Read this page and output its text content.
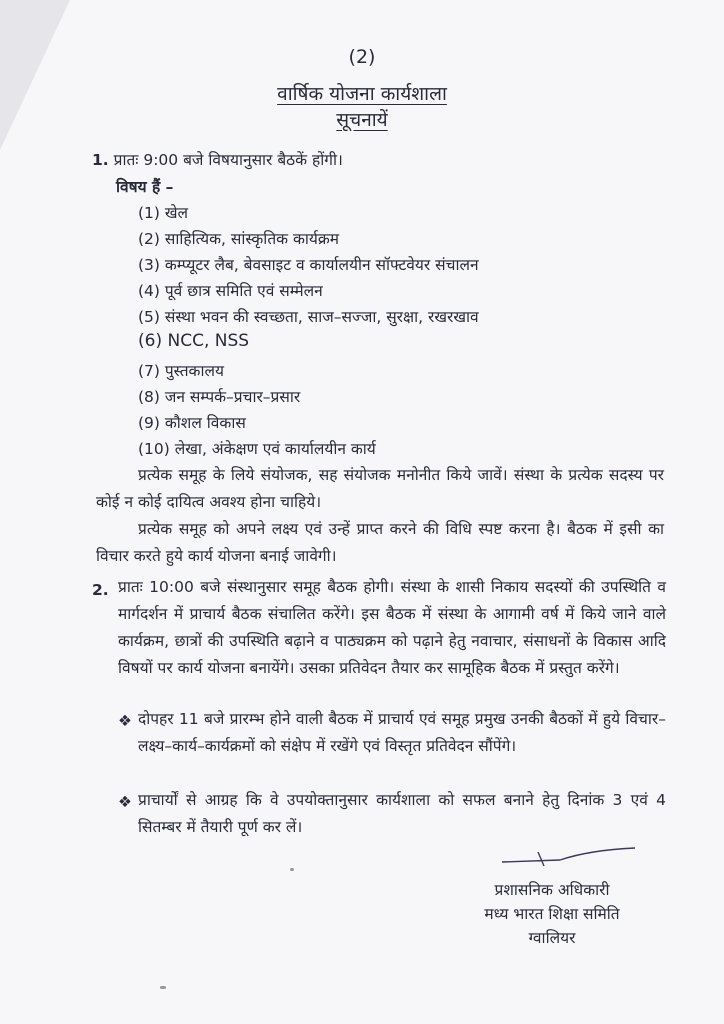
(2)
वार्षिक योजना कार्यशाला
सूचनायें
1. प्रातः 9:00 बजे विषयानुसार बैठकें होंगी।
विषय हैं –
(1) खेल
(2) साहित्यिक, सांस्कृतिक कार्यक्रम
(3) कम्प्यूटर लैब, बेवसाइट व कार्यालयीन सॉफ्टवेयर संचालन
(4) पूर्व छात्र समिति एवं सम्मेलन
(5) संस्था भवन की स्वच्छता, साज–सज्जा, सुरक्षा, रखरखाव
(6) NCC, NSS
(7) पुस्तकालय
(8) जन सम्पर्क–प्रचार–प्रसार
(9) कौशल विकास
(10) लेखा, अंकेक्षण एवं कार्यालयीन कार्य
प्रत्येक समूह के लिये संयोजक, सह संयोजक मनोनीत किये जावें। संस्था के प्रत्येक सदस्य पर कोई न कोई दायित्व अवश्य होना चाहिये।
प्रत्येक समूह को अपने लक्ष्य एवं उन्हें प्राप्त करने की विधि स्पष्ट करना है। बैठक में इसी का विचार करते हुये कार्य योजना बनाई जावेगी।
2. प्रातः 10:00 बजे संस्थानुसार समूह बैठक होगी। संस्था के शासी निकाय सदस्यों की उपस्थिति व मार्गदर्शन में प्राचार्य बैठक संचालित करेंगे। इस बैठक में संस्था के आगामी वर्ष में किये जाने वाले कार्यक्रम, छात्रों की उपस्थिति बढ़ाने व पाठ्यक्रम को पढ़ाने हेतु नवाचार, संसाधनों के विकास आदि विषयों पर कार्य योजना बनायेंगे। उसका प्रतिवेदन तैयार कर सामूहिक बैठक में प्रस्तुत करेंगे।
❖ दोपहर 11 बजे प्रारम्भ होने वाली बैठक में प्राचार्य एवं समूह प्रमुख उनकी बैठकों में हुये विचार–लक्ष्य–कार्य–कार्यक्रमों को संक्षेप में रखेंगे एवं विस्तृत प्रतिवेदन सौंपेंगे।
❖ प्राचार्यों से आग्रह कि वे उपयोक्तानुसार कार्यशाला को सफल बनाने हेतु दिनांक 3 एवं 4 सितम्बर में तैयारी पूर्ण कर लें।
प्रशासनिक अधिकारी
मध्य भारत शिक्षा समिति
ग्वालियर
